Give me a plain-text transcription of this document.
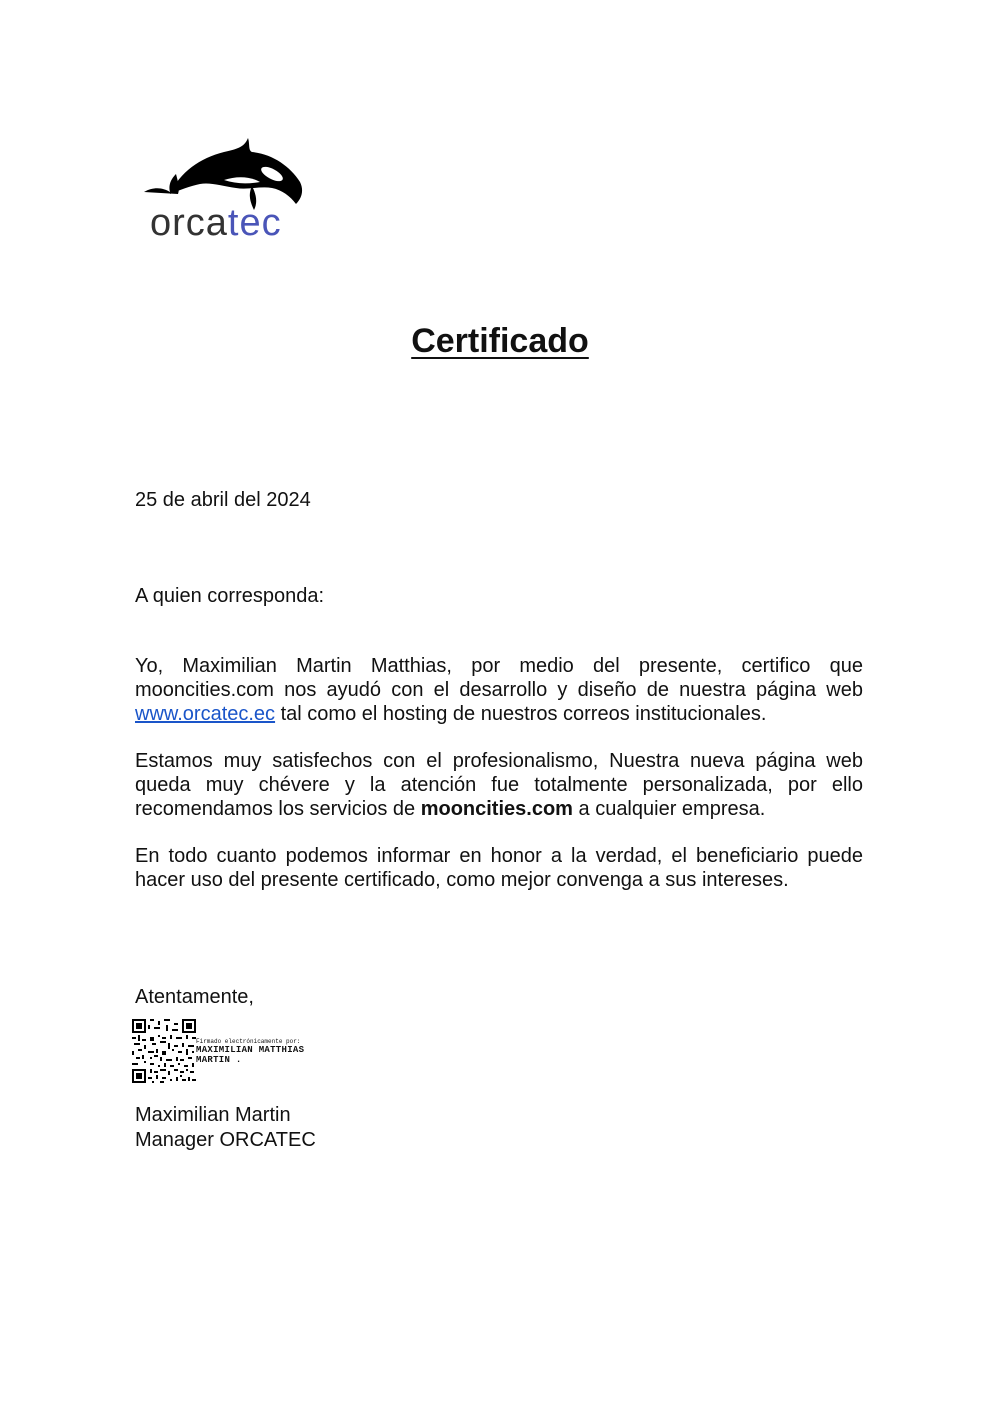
orcatec
Certificado
25 de abril del 2024
A quien corresponda:
Yo, Maximilian Martin Matthias, por medio del presente, certifico que mooncities.com nos ayudó con el desarrollo y diseño de nuestra página web www.orcatec.ec tal como el hosting de nuestros correos institucionales.
Estamos muy satisfechos con el profesionalismo, Nuestra nueva página web queda muy chévere y la atención fue totalmente personalizada, por ello recomendamos los servicios de mooncities.com a cualquier empresa.
En todo cuanto podemos informar en honor a la verdad, el beneficiario puede hacer uso del presente certificado, como mejor convenga a sus intereses.
Atentamente,
Firmado electrónicamente por:
MAXIMILIAN MATTHIAS
MARTIN .
Maximilian Martin
Manager ORCATEC
